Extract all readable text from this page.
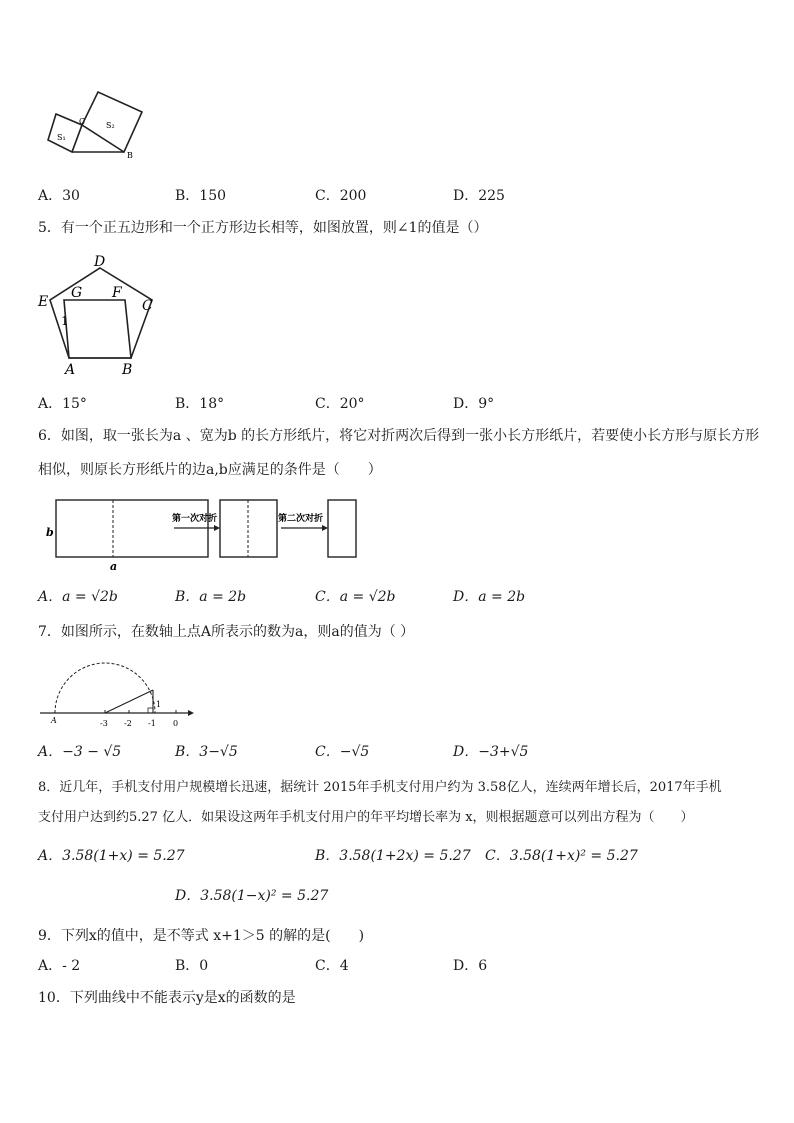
C	S₂
S₁
B
A．30	B．150	C．200	D．225
5．有一个正五边形和一个正方形边长相等，如图放置，则∠1的值是（）
D
E
G F
C
1
A	B
A．15°	B．18°	C．20°	D．9°
6．如图，取一张长为a 、宽为b 的长方形纸片，将它对折两次后得到一张小长方形纸片，若要使小长方形与原长方形
相似，则原长方形纸片的边a,b应满足的条件是（　　）
b
a
第一次对折	第二次对折
A．a = √2b	B．a = 2b	C．a = √2b	D．a = 2b
7．如图所示，在数轴上点A所表示的数为a，则a的值为（ ）
A	-3 -2 -1 0
1
A．−3 − √5	B．3−√5	C．−√5	D．−3+√5
8．近几年，手机支付用户规模增长迅速，据统计 2015年手机支付用户约为 3.58亿人，连续两年增长后，2017年手机
支付用户达到约5.27 亿人．如果设这两年手机支付用户的年平均增长率为 x，则根据题意可以列出方程为（　　）
A．3.58(1+x) = 5.27	B．3.58(1+2x) = 5.27 C．3.58(1+x)² = 5.27
D．3.58(1−x)² = 5.27
9．下列x的值中，是不等式 x+1＞5 的解的是(　　)
A．- 2	B．0	C．4	D．6
10．下列曲线中不能表示y是x的函数的是
